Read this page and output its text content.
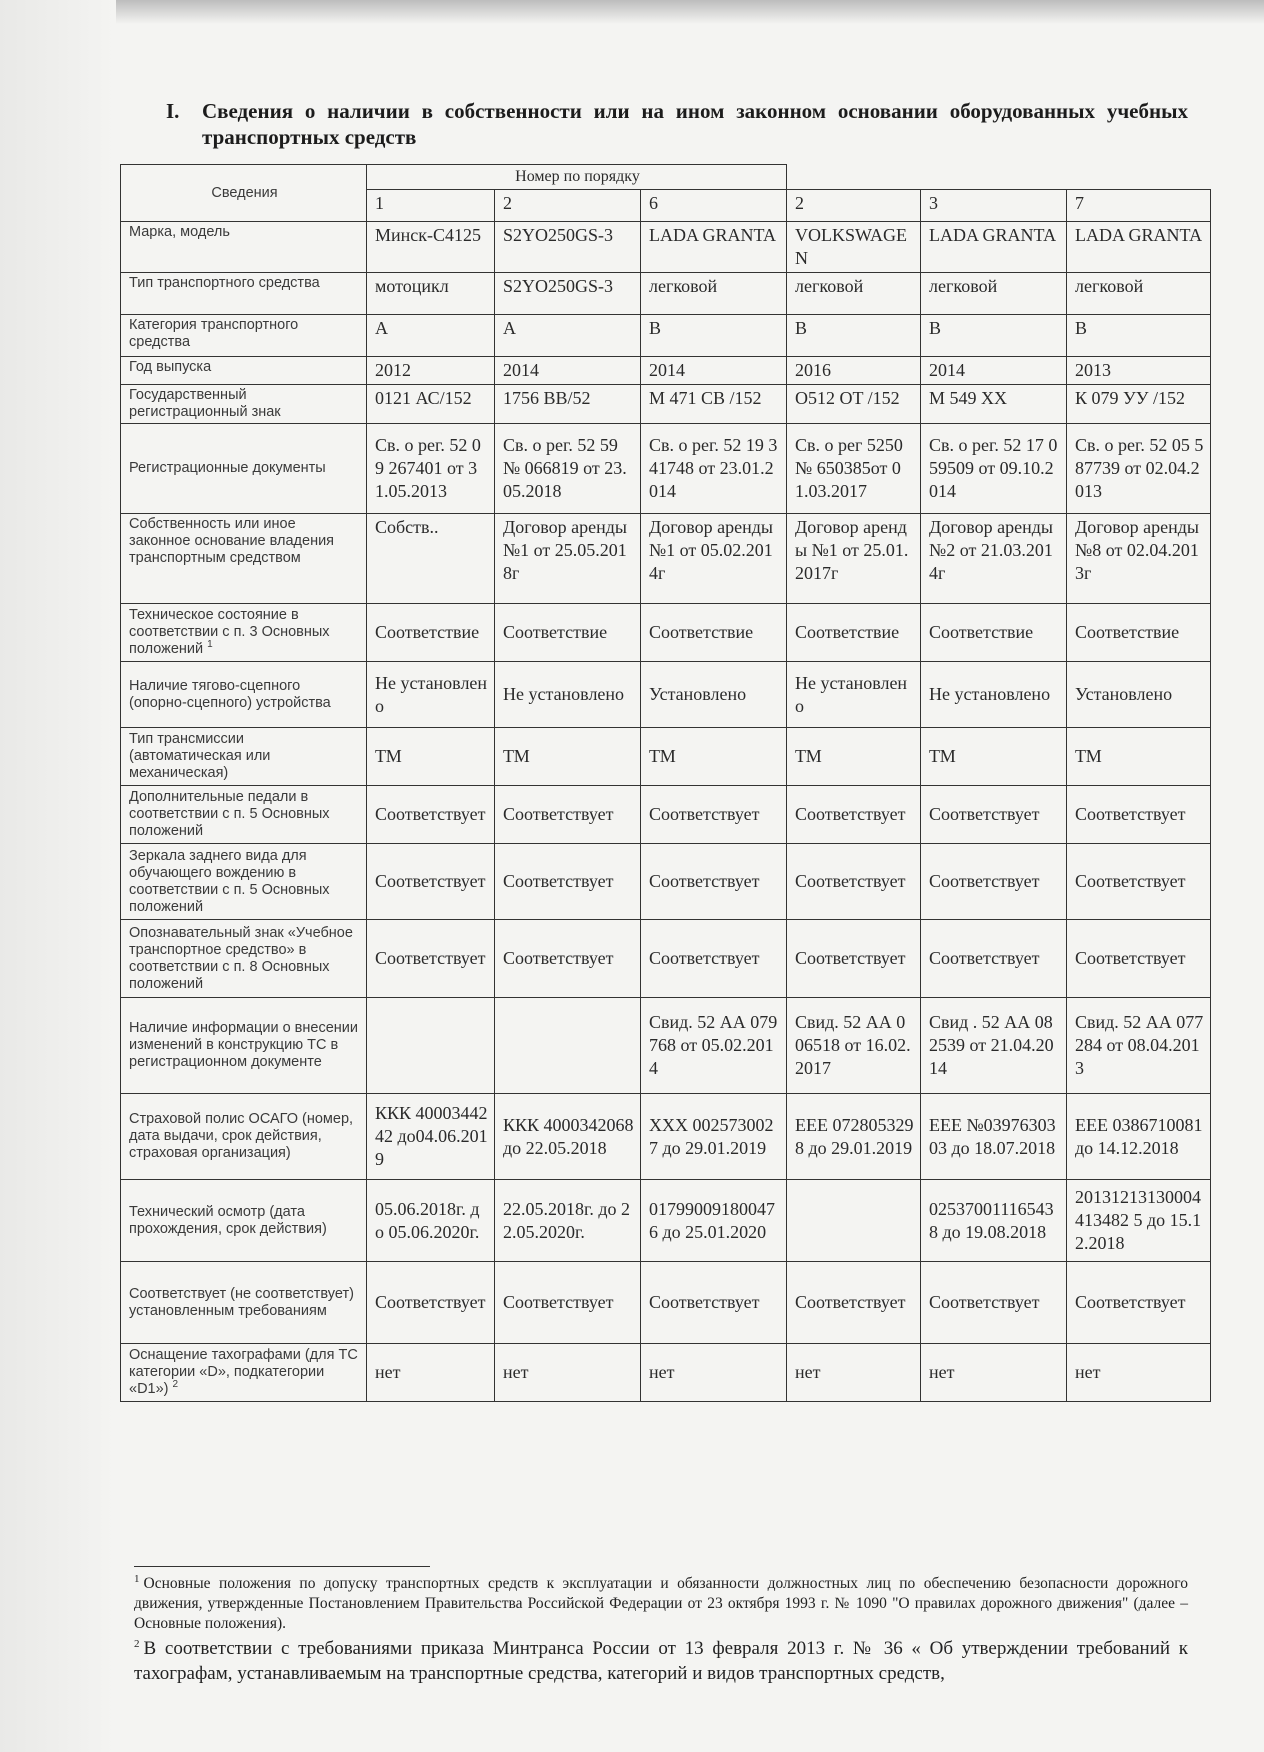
I.	Сведения о наличии в собственности или на ином законном основании оборудованных учебных транспортных средств
Сведения	Номер по порядку					
	1	2	6	2	3	7
Марка, модель	Минск-С4125	S2YO250GS-3	LADA GRANTA	VOLKSWAGEN	LADA GRANTA	LADA GRANTA
Тип транспортного средства	мотоцикл	S2YO250GS-3	легковой	легковой	легковой	легковой
Категория транспортного средства	A	A	B	B	B	B
Год выпуска	2012	2014	2014	2016	2014	2013
Государственный регистрационный знак	0121 АС/152	1756 ВВ/52	М 471 СВ /152	O512 OT /152	М 549 ХХ	К 079 УУ /152
Регистрационные документы	Св. о рег. 52 09 267401 от 31.05.2013	Св. о рег. 52 59 № 066819 от 23.05.2018	Св. о рег. 52 19 341748 от 23.01.2014	Св. о рег 5250№ 650385от 01.03.2017	Св. о рег. 52 17 059509 от 09.10.2014	Св. о рег. 52 05 587739 от 02.04.2013
Собственность или иное законное основание владения транспортным средством	Собств..	Договор аренды №1 от 25.05.2018г	Договор аренды №1 от 05.02.2014г	Договор аренды №1 от 25.01.2017г	Договор аренды №2 от 21.03.2014г	Договор аренды №8 от 02.04.2013г
Техническое состояние в соответствии с п. 3 Основных положений $^1$	Соответствие	Соответствие	Соответствие	Соответствие	Соответствие	Соответствие
Наличие тягово-сцепного (опорно-сцепного) устройства	Не установлено	Не установлено	Установлено	Не установлено	Не установлено	Установлено
Тип трансмиссии (автоматическая или механическая)	ТМ	ТМ	ТМ	ТМ	ТМ	ТМ
Дополнительные педали в соответствии с п. 5 Основных положений	Соответствует	Соответствует	Соответствует	Соответствует	Соответствует	Соответствует
Зеркала заднего вида для обучающего вождению в соответствии с п. 5 Основных положений	Соответствует	Соответствует	Соответствует	Соответствует	Соответствует	Соответствует
Опознавательный знак «Учебное транспортное средство» в соответствии с п. 8 Основных положений	Соответствует	Соответствует	Соответствует	Соответствует	Соответствует	Соответствует
Наличие информации о внесении изменений в конструкцию ТС в регистрационном документе			Свид. 52 АА 079768 от 05.02.2014	Свид. 52 АА 006518 от 16.02.2017	Свид . 52 АА 082539 от 21.04.2014	Свид. 52 АА 077284 от 08.04.2013
Страховой полис ОСАГО (номер, дата выдачи, срок действия, страховая организация)	ККК 4000344242 до04.06.2019	ККК 4000342068 до 22.05.2018	ХХХ 0025730027 до 29.01.2019	ЕЕЕ 0728053298 до 29.01.2019	ЕЕЕ №0397630303 до 18.07.2018	ЕЕЕ 0386710081 до 14.12.2018
Технический осмотр (дата прохождения, срок действия)	05.06.2018г. до 05.06.2020г.	22.05.2018г. до 22.05.2020г.	017990091800476 до 25.01.2020		025370011165438 до 19.08.2018	20131213130004413482 5 до 15.12.2018
Соответствует (не соответствует) установленным требованиям	Соответствует	Соответствует	Соответствует	Соответствует	Соответствует	Соответствует
Оснащение тахографами (для ТС категории «D», подкатегории «D1») $^2$	нет	нет	нет	нет	нет	нет

$^1$ Основные положения по допуску транспортных средств к эксплуатации и обязанности должностных лиц по обеспечению безопасности дорожного движения, утвержденные Постановлением Правительства Российской Федерации от 23 октября 1993 г. № 1090 "О правилах дорожного движения" (далее – Основные положения).

$^2$ В соответствии с требованиями приказа Минтранса России от 13 февраля 2013 г. № 36 « Об утверждении требований к тахографам, устанавливаемым на транспортные средства, категорий и видов транспортных средств,
